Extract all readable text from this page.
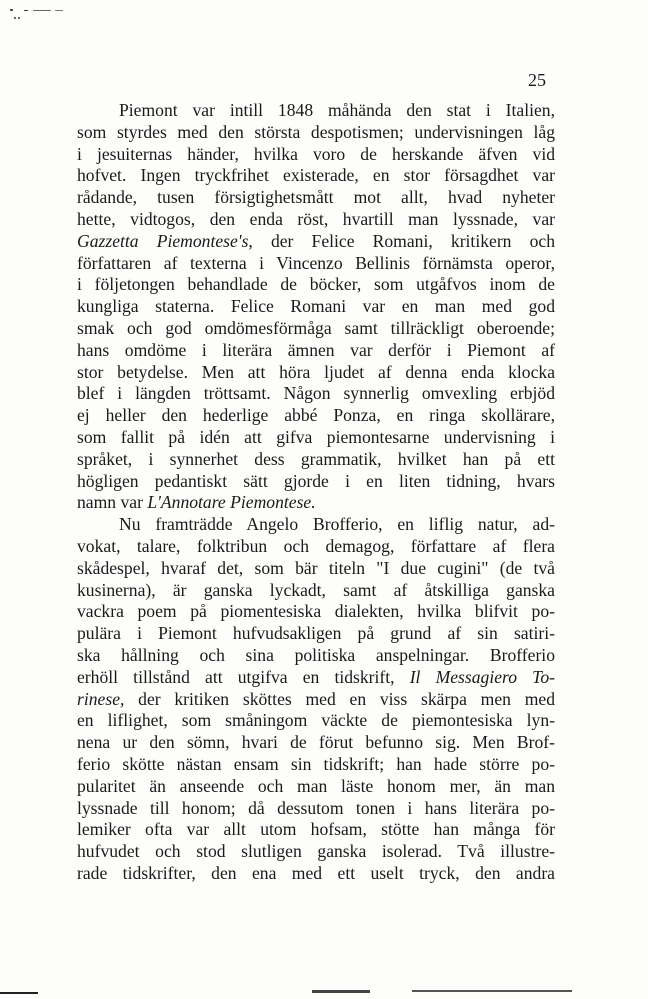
25
Piemont var intill 1848 måhända den stat i Italien,
som styrdes med den största despotismen; undervisningen låg
i jesuiternas händer, hvilka voro de herskande äfven vid
hofvet. Ingen tryckfrihet existerade, en stor försagdhet var
rådande, tusen försigtighetsmått mot allt, hvad nyheter
hette, vidtogos, den enda röst, hvartill man lyssnade, var
Gazzetta Piemontese's, der Felice Romani, kritikern och
författaren af texterna i Vincenzo Bellinis förnämsta operor,
i följetongen behandlade de böcker, som utgåfvos inom de
kungliga staterna. Felice Romani var en man med god
smak och god omdömesförmåga samt tillräckligt oberoende;
hans omdöme i literära ämnen var derför i Piemont af
stor betydelse. Men att höra ljudet af denna enda klocka
blef i längden tröttsamt. Någon synnerlig omvexling erbjöd
ej heller den hederlige abbé Ponza, en ringa skollärare,
som fallit på idén att gifva piemontesarne undervisning i
språket, i synnerhet dess grammatik, hvilket han på ett
högligen pedantiskt sätt gjorde i en liten tidning, hvars
namn var L'Annotare Piemontese.
Nu framträdde Angelo Brofferio, en liflig natur, ad-
vokat, talare, folktribun och demagog, författare af flera
skådespel, hvaraf det, som bär titeln "I due cugini" (de två
kusinerna), är ganska lyckadt, samt af åtskilliga ganska
vackra poem på piomentesiska dialekten, hvilka blifvit po-
pulära i Piemont hufvudsakligen på grund af sin satiri-
ska hållning och sina politiska anspelningar. Brofferio
erhöll tillstånd att utgifva en tidskrift, Il Messagiero To-
rinese, der kritiken sköttes med en viss skärpa men med
en liflighet, som småningom väckte de piemontesiska lyn-
nena ur den sömn, hvari de förut befunno sig. Men Brof-
ferio skötte nästan ensam sin tidskrift; han hade större po-
pularitet än anseende och man läste honom mer, än man
lyssnade till honom; då dessutom tonen i hans literära po-
lemiker ofta var allt utom hofsam, stötte han många för
hufvudet och stod slutligen ganska isolerad. Två illustre-
rade tidskrifter, den ena med ett uselt tryck, den andra
